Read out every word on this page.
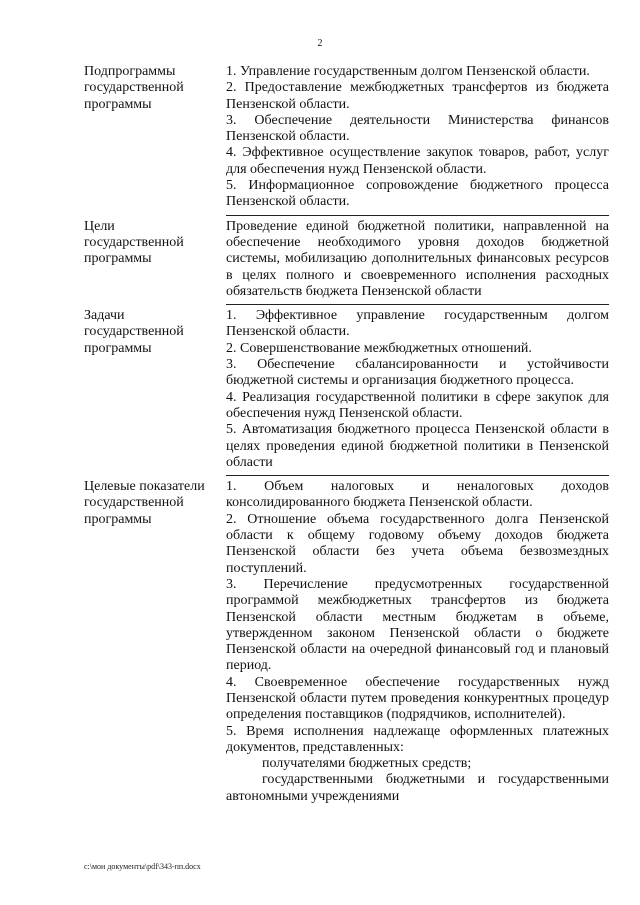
2
Подпрограммы
государственной
программы

1. Управление государственным долгом Пензенской области.

2. Предоставление межбюджетных трансфертов из бюджета Пензенской области.

3. Обеспечение деятельности Министерства финансов Пензенской области.

4. Эффективное осуществление закупок товаров, работ, услуг для обеспечения нужд Пензенской области.

5. Информационное сопровождение бюджетного процесса Пензенской области.

Цели
государственной
программы

Проведение единой бюджетной политики, направленной на обеспечение необходимого уровня доходов бюджетной системы, мобилизацию дополнительных финансовых ресурсов в целях полного и своевременного исполнения расходных обязательств бюджета Пензенской области

Задачи
государственной
программы

1. Эффективное управление государственным долгом Пензенской области.

2. Совершенствование межбюджетных отношений.

3. Обеспечение сбалансированности и устойчивости бюджетной системы и организация бюджетного процесса.

4. Реализация государственной политики в сфере закупок для обеспечения нужд Пензенской области.

5. Автоматизация бюджетного процесса Пензенской области в целях проведения единой бюджетной политики в Пензенской области

Целевые показатели
государственной
программы

1. Объем налоговых и неналоговых доходов консолидированного бюджета Пензенской области.

2. Отношение объема государственного долга Пензенской области к общему годовому объему доходов бюджета Пензенской области без учета объема безвозмездных поступлений.

3. Перечисление предусмотренных государственной программой межбюджетных трансфертов из бюджета Пензенской области местным бюджетам в объеме, утвержденном законом Пензенской области о бюджете Пензенской области на очередной финансовый год и плановый период.

4. Своевременное обеспечение государственных нужд Пензенской области путем проведения конкурентных процедур определения поставщиков (подрядчиков, исполнителей).

5. Время исполнения надлежаще оформленных платежных документов, представленных:

получателями бюджетных средств;

государственными бюджетными и государственными автономными учреждениями

c:\мои документы\pdf\343-пп.docx
